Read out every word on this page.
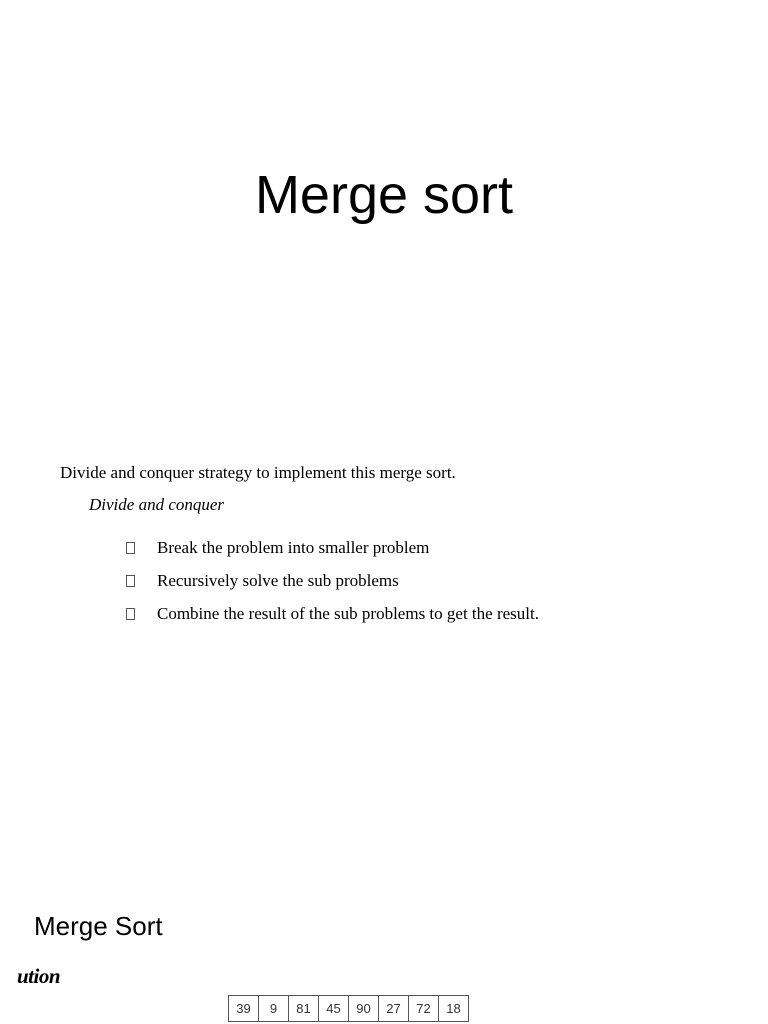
Merge sort

Divide and conquer strategy to implement this merge sort.

Divide and conquer

Break the problem into smaller problem
Recursively solve the sub problems
Combine the result of the sub problems to get the result.
Merge Sort

ution

39	9	81	45	90	27	72	18
